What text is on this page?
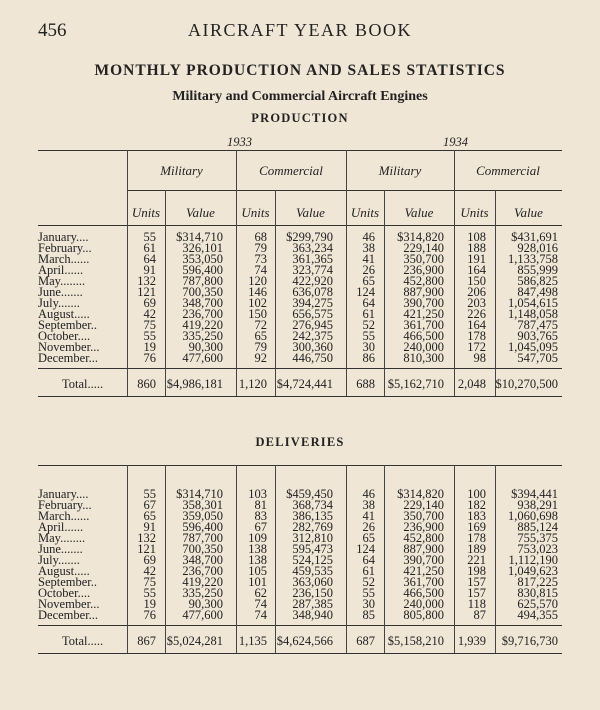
456	AIRCRAFT YEAR BOOK
MONTHLY PRODUCTION AND SALES STATISTICS
Military and Commercial Aircraft Engines
PRODUCTION
1933	1934
Military	Commercial	Military	Commercial
Units	Value	Units	Value	Units	Value	Units	Value
January....	55 $314,710	68 $299,790 46 $314,820 108 $431,691
February...	61 326,101	79 363,234 38 229,140 188	928,016
March......	64 353,050	73 361,365 41 350,700 191 1,133,758
April......	91 596,400	74 323,774 26 236,900 164	855,999
May........	132 787,800 120 422,920 65 452,800 150	586,825
June.......	121 700,350 146 636,078 124 887,900 206	847,498
July.......	69 348,700 102 394,275 64 390,700 203 1,054,615
August.....	42 236,700 150 656,575 61 421,250 226 1,148,058
September..	75 419,220	72 276,945 52 361,700 164	787,475
October....	55 335,250	65 242,375 55 466,500 178	903,765
November...	19	90,300	79 300,360 30 240,000 172 1,045,095
December...	76 477,600	92 446,750 86 810,300 98	547,705
Total.....	860 $4,986,181 1,120 $4,724,441 688 $5,162,710 2,048 $10,270,500
DELIVERIES
January....	55 $314,710 103 $459,450 46 $314,820 100 $394,441
February...	67 358,301	81 368,734 38 229,140 182	938,291
March......	65 359,050	83 386,135 41 350,700 183 1,060,698
April......	91 596,400	67 282,769 26 236,900 169	885,124
May........	132 787,700 109 312,810 65 452,800 178	755,375
June.......	121 700,350 138 595,473 124 887,900 189	753,023
July.......	69 348,700 138 524,125 64 390,700 221 1,112,190
August.....	42 236,700 105 459,535 61 421,250 198 1,049,623
September..	75 419,220 101 363,060 52 361,700 157	817,225
October....	55 335,250	62 236,150 55 466,500 157	830,815
November...	19	90,300	74 287,385 30 240,000 118	625,570
December...	76 477,600	74 348,940 85 805,800 87	494,355
Total.....	867 $5,024,281 1,135 $4,624,566 687 $5,158,210 1,939 $9,716,730
